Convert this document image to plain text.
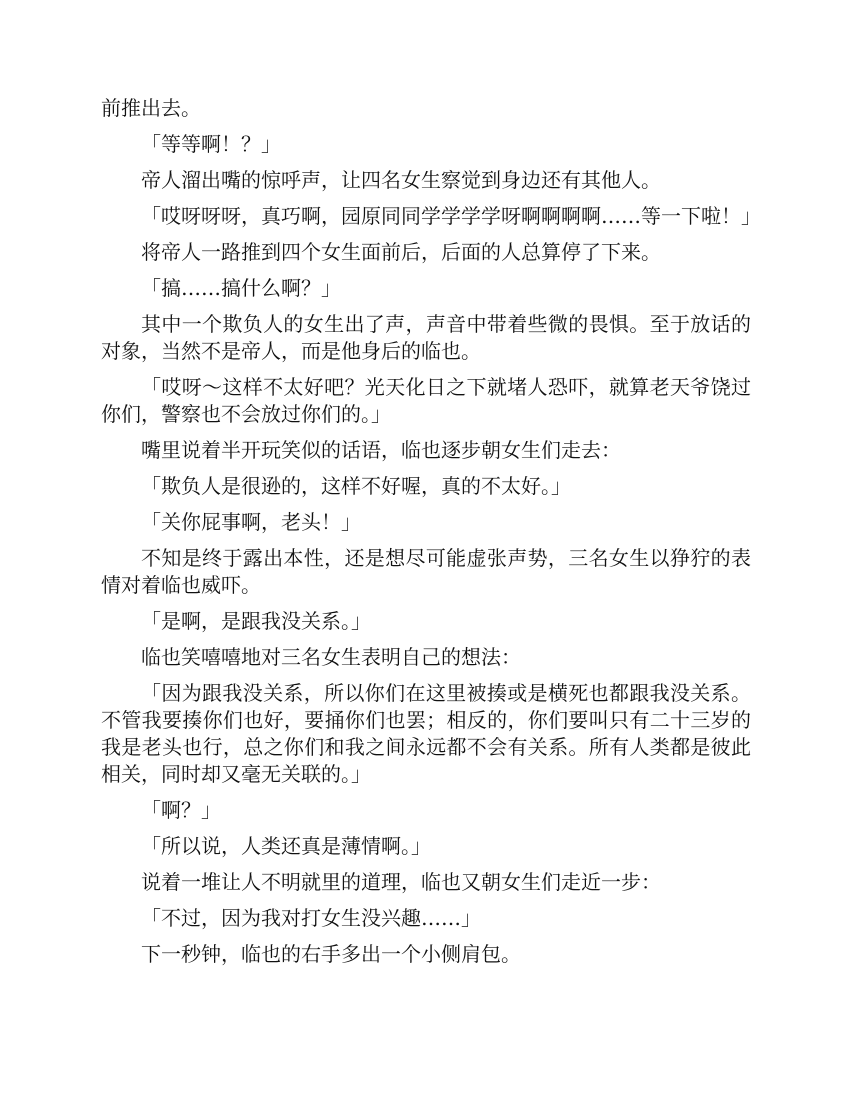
前推出去。

「等等啊！？」

帝人溜出嘴的惊呼声，让四名女生察觉到身边还有其他人。

「哎呀呀呀，真巧啊，园原同同学学学学呀啊啊啊啊……等一下啦！」

将帝人一路推到四个女生面前后，后面的人总算停了下来。

「搞……搞什么啊？」

其中一个欺负人的女生出了声，声音中带着些微的畏惧。至于放话的对象，当然不是帝人，而是他身后的临也。

「哎呀～这样不太好吧？光天化日之下就堵人恐吓，就算老天爷饶过你们，警察也不会放过你们的。」

嘴里说着半开玩笑似的话语，临也逐步朝女生们走去：

「欺负人是很逊的，这样不好喔，真的不太好。」

「关你屁事啊，老头！」

不知是终于露出本性，还是想尽可能虚张声势，三名女生以狰狞的表情对着临也威吓。

「是啊，是跟我没关系。」

临也笑嘻嘻地对三名女生表明自己的想法：

「因为跟我没关系，所以你们在这里被揍或是横死也都跟我没关系。不管我要揍你们也好，要捅你们也罢；相反的，你们要叫只有二十三岁的我是老头也行，总之你们和我之间永远都不会有关系。所有人类都是彼此相关，同时却又毫无关联的。」

「啊？」

「所以说，人类还真是薄情啊。」

说着一堆让人不明就里的道理，临也又朝女生们走近一步：

「不过，因为我对打女生没兴趣……」

下一秒钟，临也的右手多出一个小侧肩包。
